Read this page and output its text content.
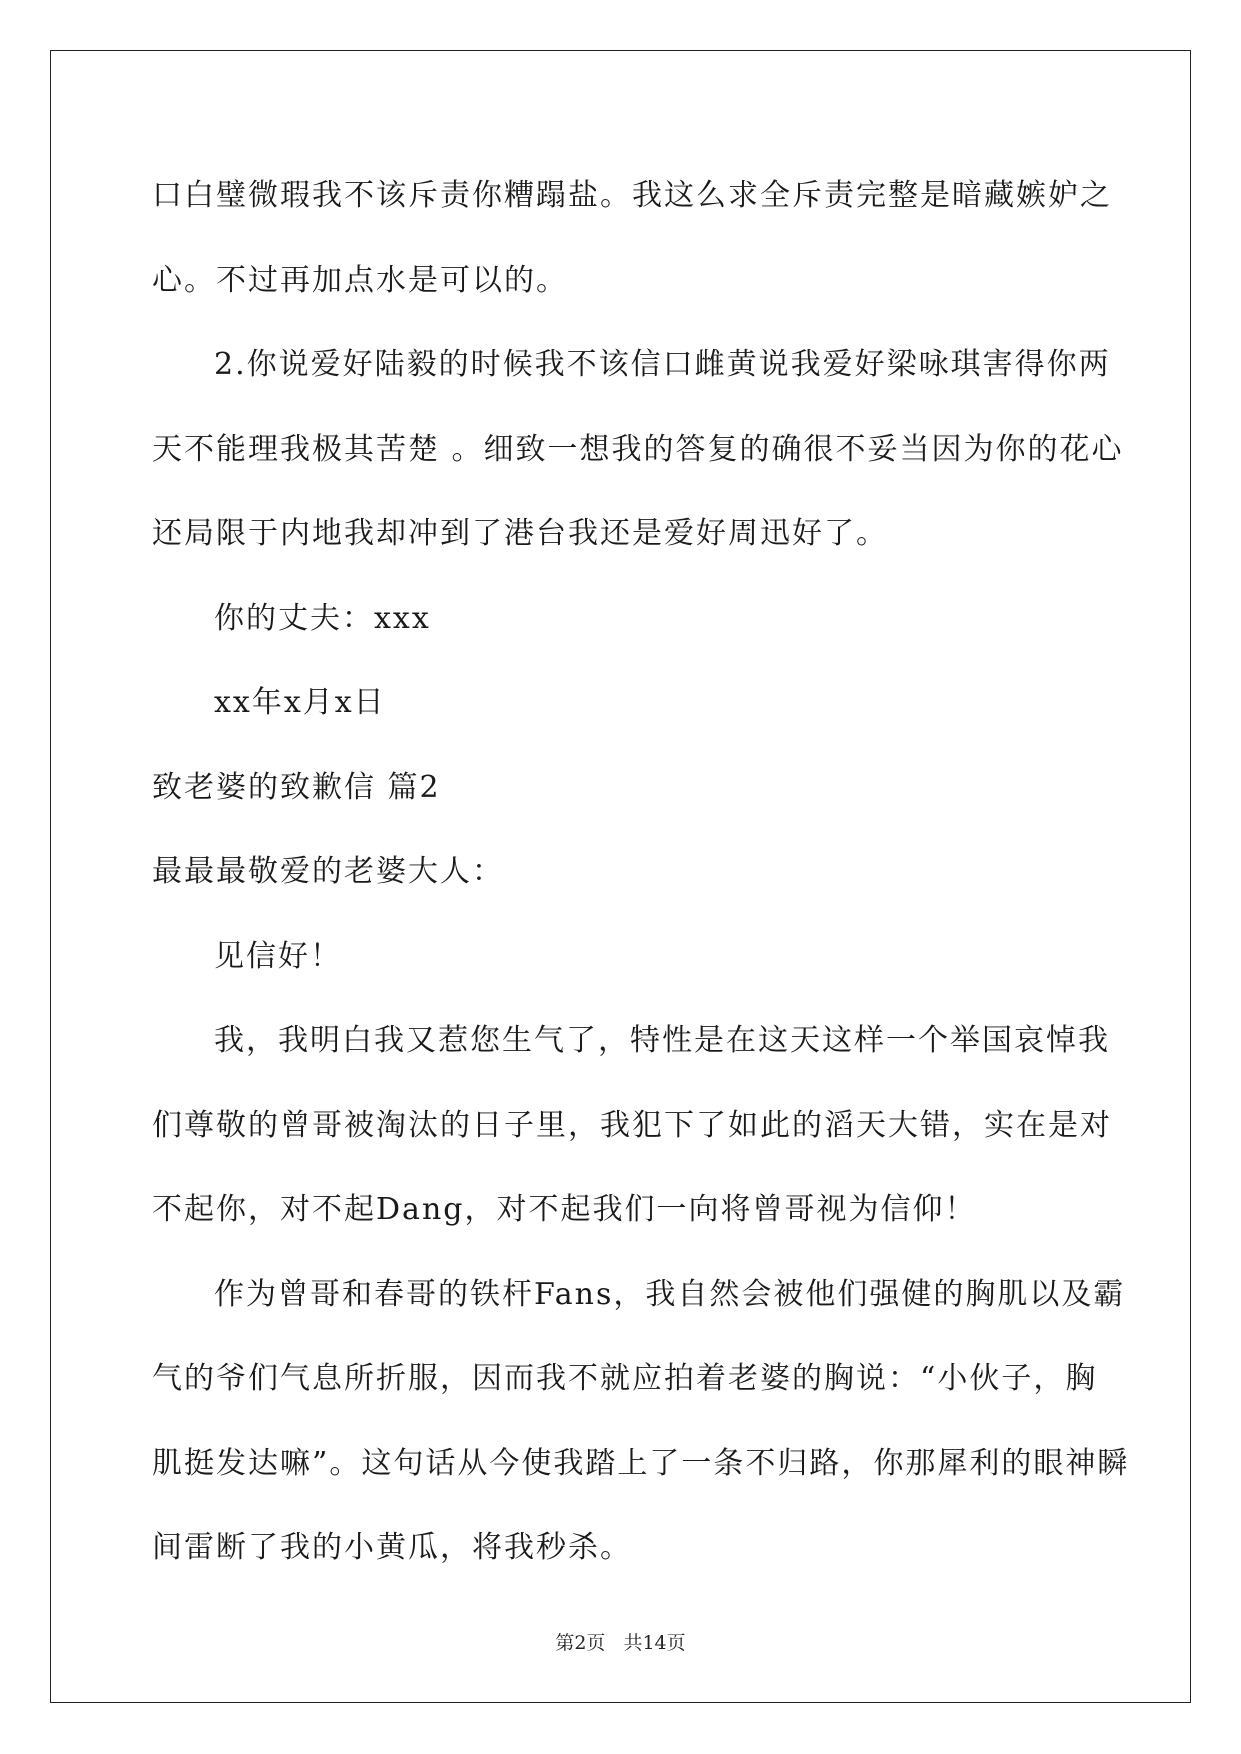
口白璧微瑕我不该斥责你糟蹋盐。我这么求全斥责完整是暗藏嫉妒之

心。不过再加点水是可以的。

2.你说爱好陆毅的时候我不该信口雌黄说我爱好梁咏琪害得你两

天不能理我极其苦楚 。细致一想我的答复的确很不妥当因为你的花心

还局限于内地我却冲到了港台我还是爱好周迅好了。

你的丈夫：xxx

xx年x月x日

致老婆的致歉信 篇2

最最最敬爱的老婆大人：

见信好！

我，我明白我又惹您生气了，特性是在这天这样一个举国哀悼我

们尊敬的曾哥被淘汰的日子里，我犯下了如此的滔天大错，实在是对

不起你，对不起Dang，对不起我们一向将曾哥视为信仰！

作为曾哥和春哥的铁杆Fans，我自然会被他们强健的胸肌以及霸

气的爷们气息所折服，因而我不就应拍着老婆的胸说：“小伙子，胸

肌挺发达嘛”。这句话从今使我踏上了一条不归路，你那犀利的眼神瞬

间雷断了我的小黄瓜，将我秒杀。

第2页 共14页
